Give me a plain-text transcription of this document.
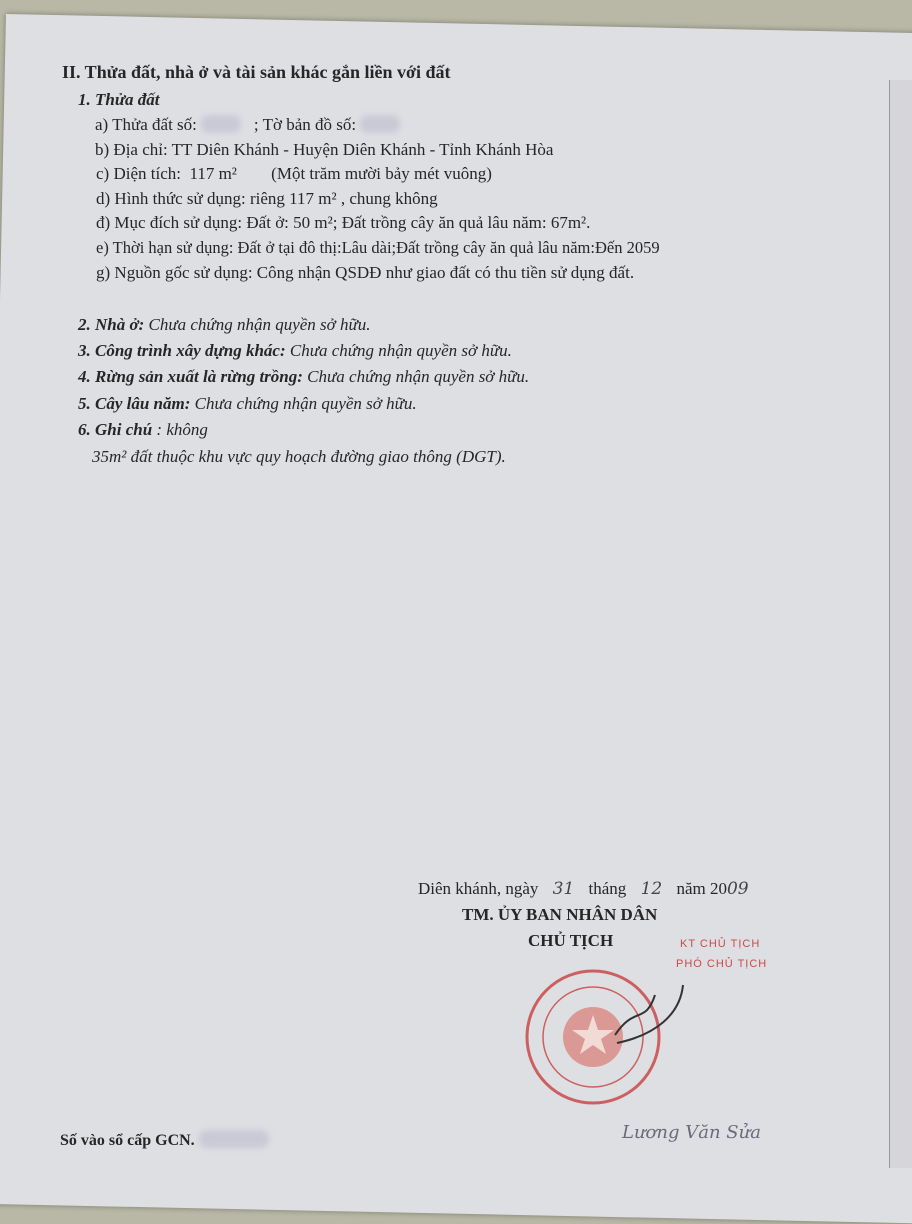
II. Thửa đất, nhà ở và tài sản khác gắn liền với đất
1. Thửa đất
a) Thửa đất số:	; Tờ bản đồ số:
b) Địa chỉ: TT Diên Khánh - Huyện Diên Khánh - Tỉnh Khánh Hòa
c) Diện tích: 117 m² (Một trăm mười bảy mét vuông)
d) Hình thức sử dụng: riêng 117 m² , chung không
đ) Mục đích sử dụng: Đất ở: 50 m²; Đất trồng cây ăn quả lâu năm: 67m².
e) Thời hạn sử dụng: Đất ở tại đô thị:Lâu dài;Đất trồng cây ăn quả lâu năm:Đến 2059
g) Nguồn gốc sử dụng: Công nhận QSDĐ như giao đất có thu tiền sử dụng đất.
2. Nhà ở: Chưa chứng nhận quyền sở hữu.
3. Công trình xây dựng khác: Chưa chứng nhận quyền sở hữu.
4. Rừng sản xuất là rừng trồng: Chưa chứng nhận quyền sở hữu.
5. Cây lâu năm: Chưa chứng nhận quyền sở hữu.
6. Ghi chú : không
35m² đất thuộc khu vực quy hoạch đường giao thông (DGT).
Diên khánh, ngày 31 tháng 12 năm 2009
TM. ỦY BAN NHÂN DÂN
CHỦ TỊCH	KT CHỦ TỊCH
PHÓ CHỦ TỊCH
Lương Văn Sửa
Số vào sổ cấp GCN.
